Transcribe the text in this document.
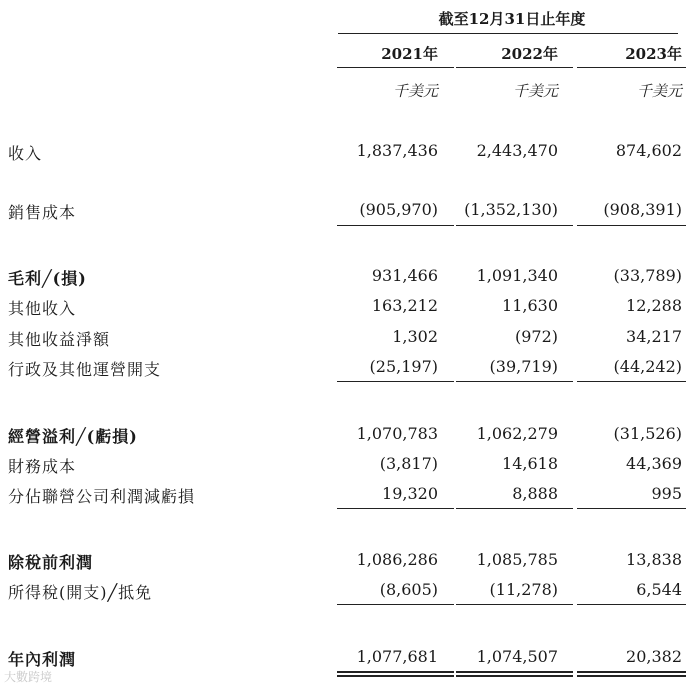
截至12月31日止年度
2021年	2022年	2023年
千美元	千美元	千美元
收入	1,837,436	2,443,470	874,602
銷售成本	(905,970)	(1,352,130)	(908,391)
毛利╱(損)	931,466	1,091,340	(33,789)
其他收入	163,212	11,630	12,288
其他收益淨額	1,302	(972)	34,217
行政及其他運營開支	(25,197)	(39,719)	(44,242)
經營溢利╱(虧損)	1,070,783	1,062,279	(31,526)
財務成本	(3,817)	14,618	44,369
分佔聯營公司利潤減虧損	19,320	8,888	995
除稅前利潤	1,086,286	1,085,785	13,838
所得稅(開支)╱抵免	(8,605)	(11,278)	6,544
年內利潤	1,077,681	1,074,507	20,382
大數跨境
